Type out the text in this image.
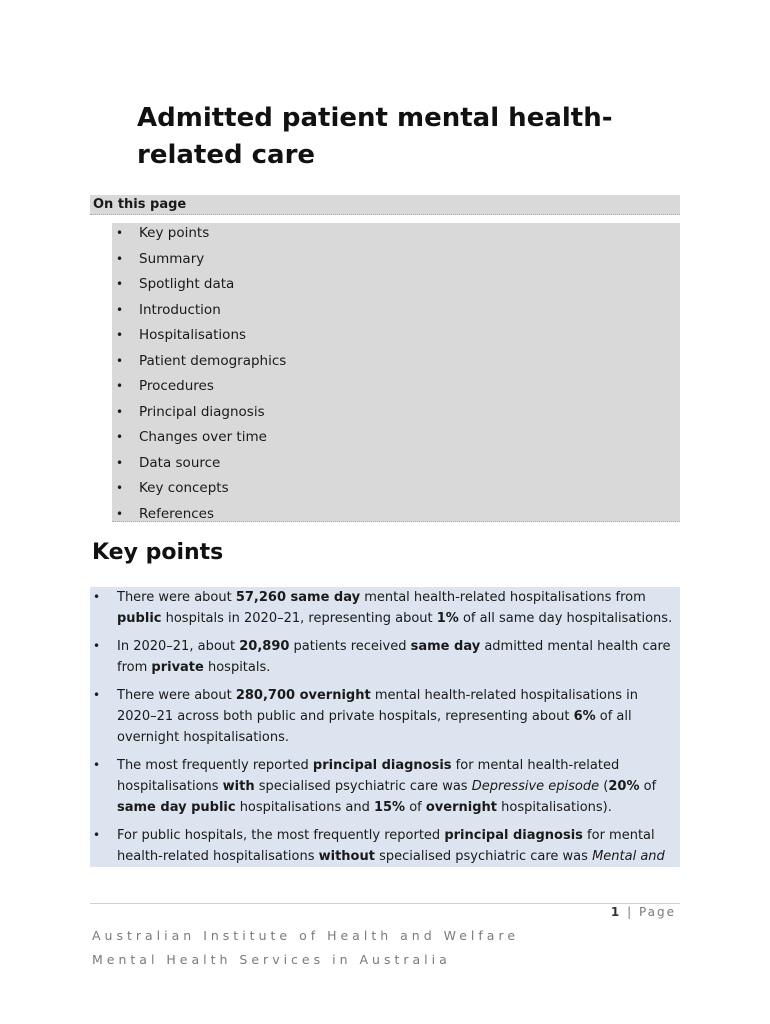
Admitted patient mental health-related care
On this page
• Key points
• Summary
• Spotlight data
• Introduction
• Hospitalisations
• Patient demographics
• Procedures
• Principal diagnosis
• Changes over time
• Data source
• Key concepts
• References
Key points
• There were about 57,260 same day mental health-related hospitalisations from public hospitals in 2020–21, representing about 1% of all same day hospitalisations.
• In 2020–21, about 20,890 patients received same day admitted mental health care from private hospitals.
• There were about 280,700 overnight mental health-related hospitalisations in 2020–21 across both public and private hospitals, representing about 6% of all overnight hospitalisations.
• The most frequently reported principal diagnosis for mental health-related hospitalisations with specialised psychiatric care was Depressive episode (20% of same day public hospitalisations and 15% of overnight hospitalisations).
• For public hospitals, the most frequently reported principal diagnosis for mental health-related hospitalisations without specialised psychiatric care was Mental and
1 | Page
Australian Institute of Health and Welfare
Mental Health Services in Australia
